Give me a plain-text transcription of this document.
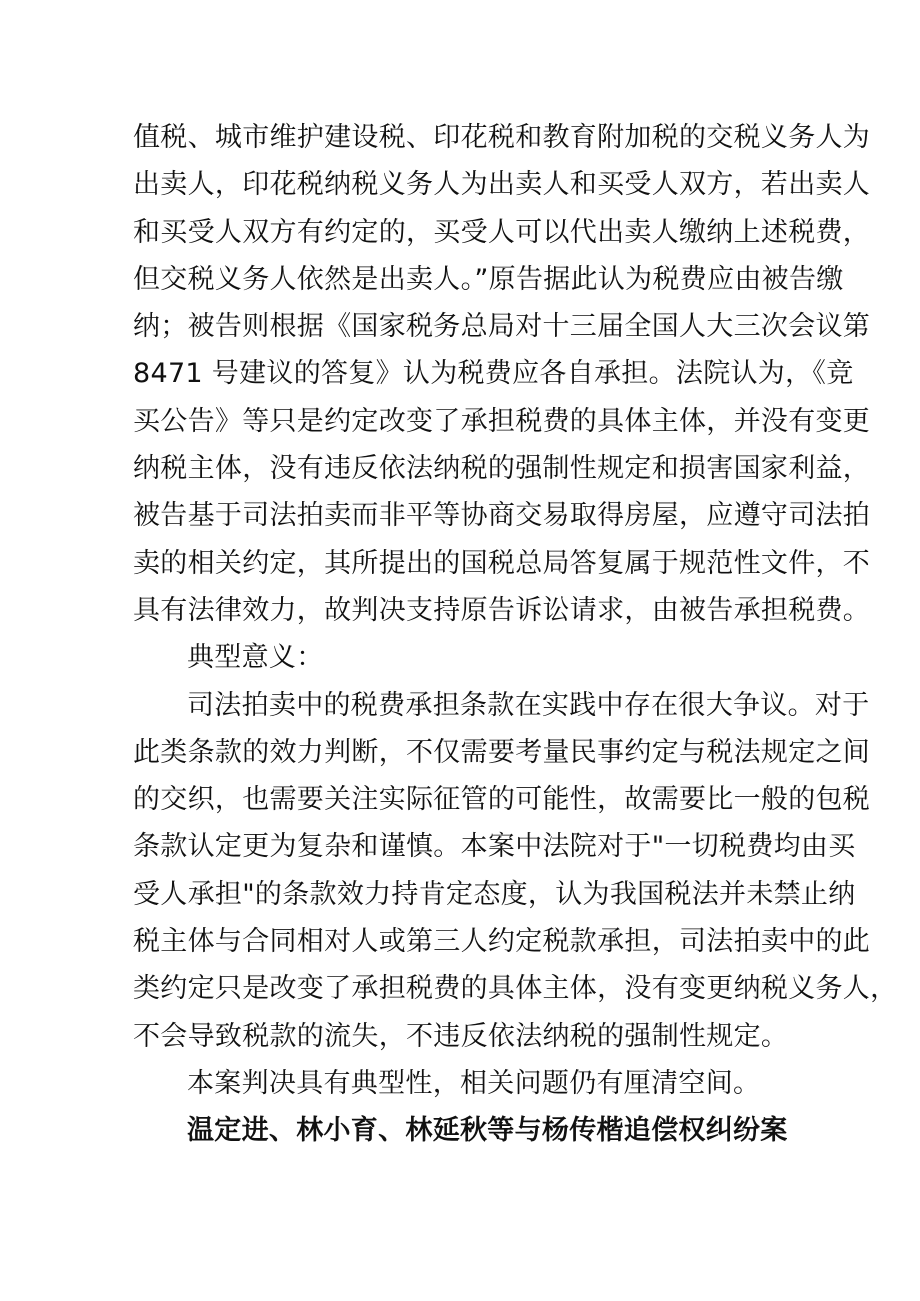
值税、城市维护建设税、印花税和教育附加税的交税义务人为
出卖人，印花税纳税义务人为出卖人和买受人双方，若出卖人
和买受人双方有约定的，买受人可以代出卖人缴纳上述税费，
但交税义务人依然是出卖人。”原告据此认为税费应由被告缴
纳；被告则根据《国家税务总局对十三届全国人大三次会议第
8471 号建议的答复》认为税费应各自承担。法院认为，《竞
买公告》等只是约定改变了承担税费的具体主体，并没有变更
纳税主体，没有违反依法纳税的强制性规定和损害国家利益，
被告基于司法拍卖而非平等协商交易取得房屋，应遵守司法拍
卖的相关约定，其所提出的国税总局答复属于规范性文件，不
具有法律效力，故判决支持原告诉讼请求，由被告承担税费。
典型意义：
司法拍卖中的税费承担条款在实践中存在很大争议。对于
此类条款的效力判断，不仅需要考量民事约定与税法规定之间
的交织，也需要关注实际征管的可能性，故需要比一般的包税
条款认定更为复杂和谨慎。本案中法院对于"一切税费均由买
受人承担"的条款效力持肯定态度，认为我国税法并未禁止纳
税主体与合同相对人或第三人约定税款承担，司法拍卖中的此
类约定只是改变了承担税费的具体主体，没有变更纳税义务人，
不会导致税款的流失，不违反依法纳税的强制性规定。
本案判决具有典型性，相关问题仍有厘清空间。
温定进、林小育、林延秋等与杨传楷追偿权纠纷案
